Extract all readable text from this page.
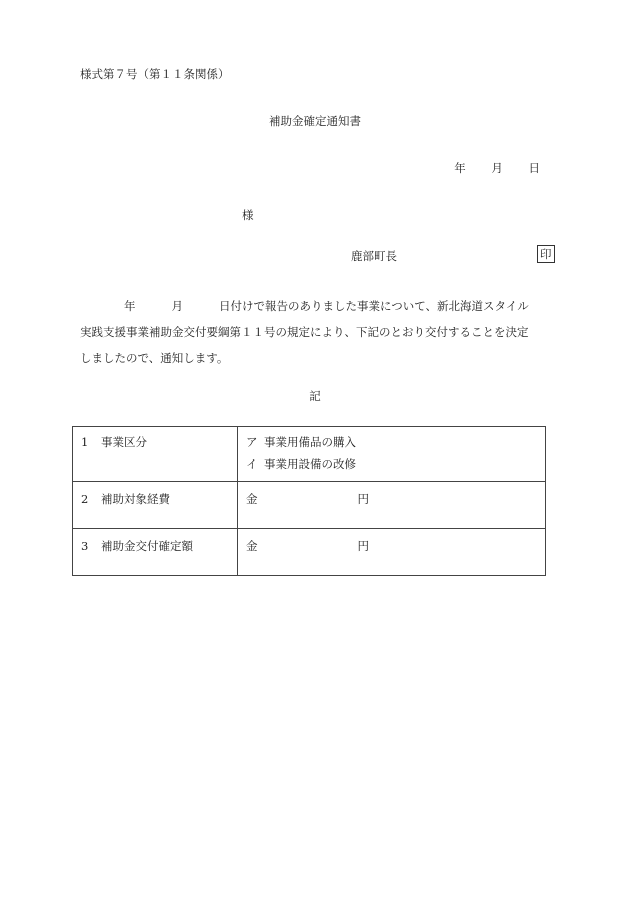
様式第７号（第１１条関係）
補助金確定通知書
年 月 日
様
鹿部町長	印
年	月	日付けで報告のありました事業について、新北海道スタイル
実践支援事業補助金交付要綱第１１号の規定により、下記のとおり交付することを決定
しましたので、通知します。
記
1 事業区分	ア 事業用備品の購入
イ 事業用設備の改修

2 補助対象経費	金 円
3 補助金交付確定額	金 円
